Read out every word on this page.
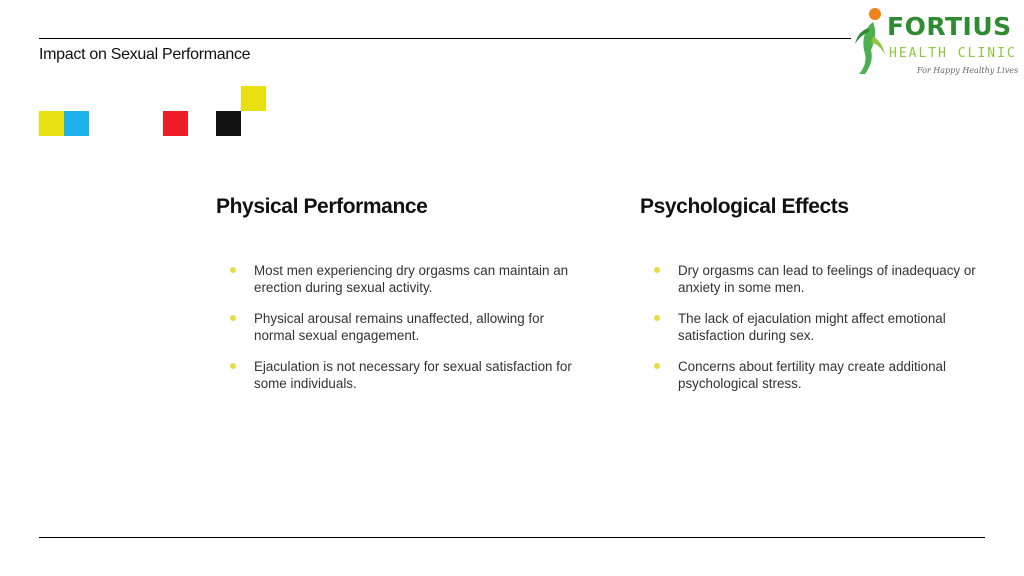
Impact on Sexual Performance
FORTIUS
HEALTH CLINIC
For Happy Healthy Lives
Physical Performance
Most men experiencing dry orgasms can maintain an erection during sexual activity.
Physical arousal remains unaffected, allowing for normal sexual engagement.
Ejaculation is not necessary for sexual satisfaction for some individuals.
Psychological Effects
Dry orgasms can lead to feelings of inadequacy or anxiety in some men.
The lack of ejaculation might affect emotional satisfaction during sex.
Concerns about fertility may create additional psychological stress.
